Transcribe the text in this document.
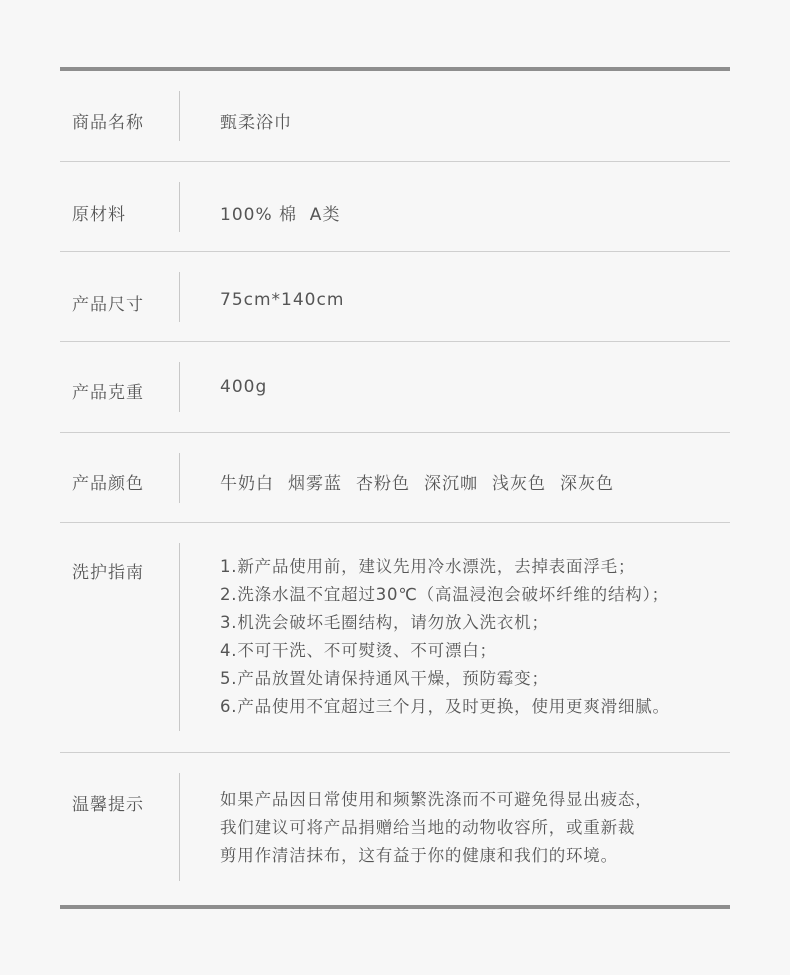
商品名称	甄柔浴巾
原材料	100% 棉  A类
产品尺寸	75cm*140cm
产品克重	400g
产品颜色	牛奶白 烟雾蓝 杏粉色 深沉咖 浅灰色 深灰色
洗护指南	1.新产品使用前，建议先用冷水漂洗，去掉表面浮毛；
2.洗涤水温不宜超过30℃（高温浸泡会破坏纤维的结构）；
3.机洗会破坏毛圈结构，请勿放入洗衣机；
4.不可干洗、不可熨烫、不可漂白；
5.产品放置处请保持通风干燥，预防霉变；
6.产品使用不宜超过三个月，及时更换，使用更爽滑细腻。
温馨提示	如果产品因日常使用和频繁洗涤而不可避免得显出疲态，
我们建议可将产品捐赠给当地的动物收容所，或重新裁
剪用作清洁抹布，这有益于你的健康和我们的环境。
